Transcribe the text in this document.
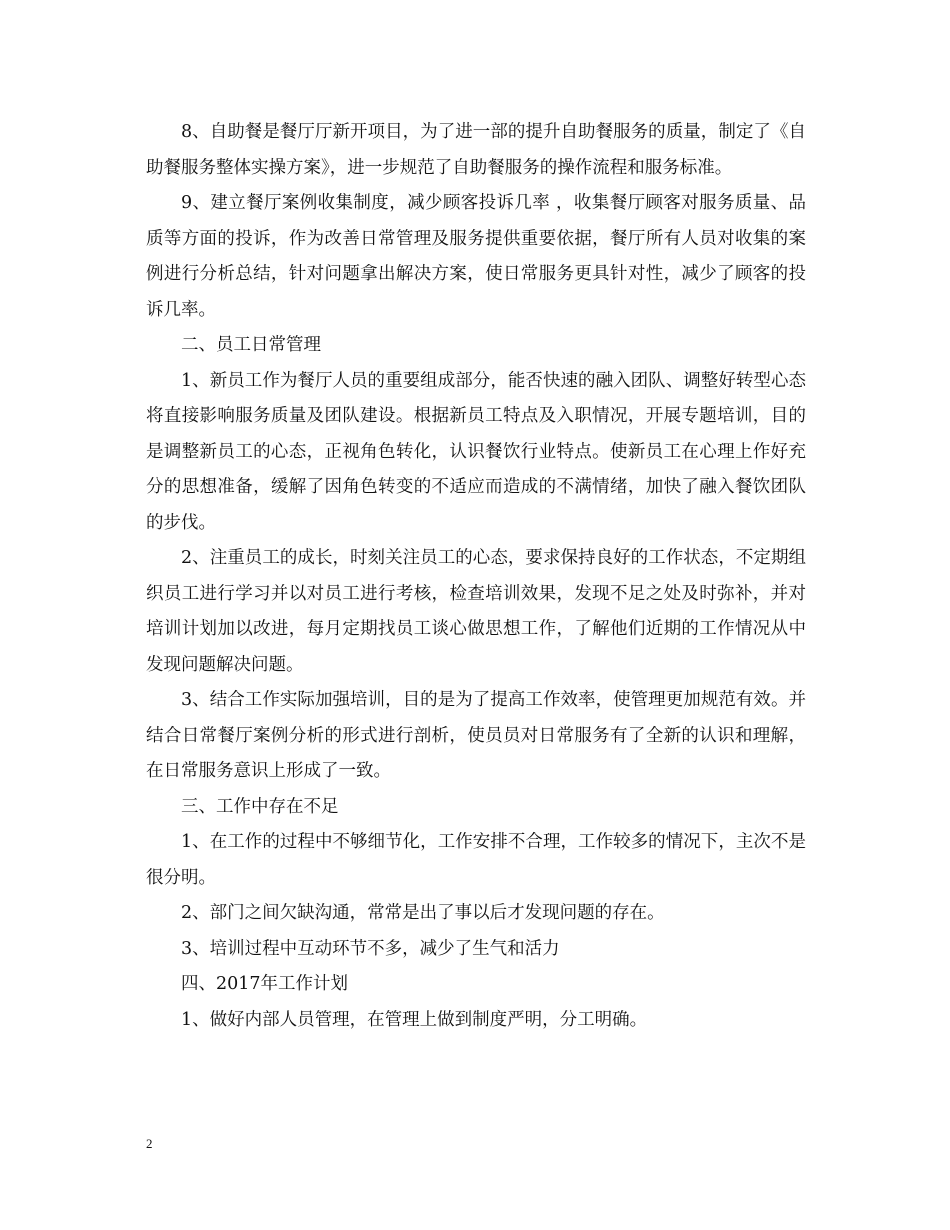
8、自助餐是餐厅厅新开项目，为了进一部的提升自助餐服务的质量，制定了《自助餐服务整体实操方案》，进一步规范了自助餐服务的操作流程和服务标准。

9、建立餐厅案例收集制度，减少顾客投诉几率 ，收集餐厅顾客对服务质量、品质等方面的投诉，作为改善日常管理及服务提供重要依据，餐厅所有人员对收集的案例进行分析总结，针对问题拿出解决方案，使日常服务更具针对性，减少了顾客的投诉几率。

二、员工日常管理

1、新员工作为餐厅人员的重要组成部分，能否快速的融入团队、调整好转型心态将直接影响服务质量及团队建设。根据新员工特点及入职情况，开展专题培训，目的是调整新员工的心态，正视角色转化，认识餐饮行业特点。使新员工在心理上作好充分的思想准备，缓解了因角色转变的不适应而造成的不满情绪，加快了融入餐饮团队的步伐。

2、注重员工的成长，时刻关注员工的心态，要求保持良好的工作状态，不定期组织员工进行学习并以对员工进行考核，检查培训效果，发现不足之处及时弥补，并对培训计划加以改进，每月定期找员工谈心做思想工作，了解他们近期的工作情况从中发现问题解决问题。

3、结合工作实际加强培训，目的是为了提高工作效率，使管理更加规范有效。并结合日常餐厅案例分析的形式进行剖析，使员员对日常服务有了全新的认识和理解，在日常服务意识上形成了一致。

三、工作中存在不足

1、在工作的过程中不够细节化，工作安排不合理，工作较多的情况下，主次不是很分明。

2、部门之间欠缺沟通，常常是出了事以后才发现问题的存在。

3、培训过程中互动环节不多，减少了生气和活力

四、2017年工作计划

1、做好内部人员管理，在管理上做到制度严明，分工明确。

2
